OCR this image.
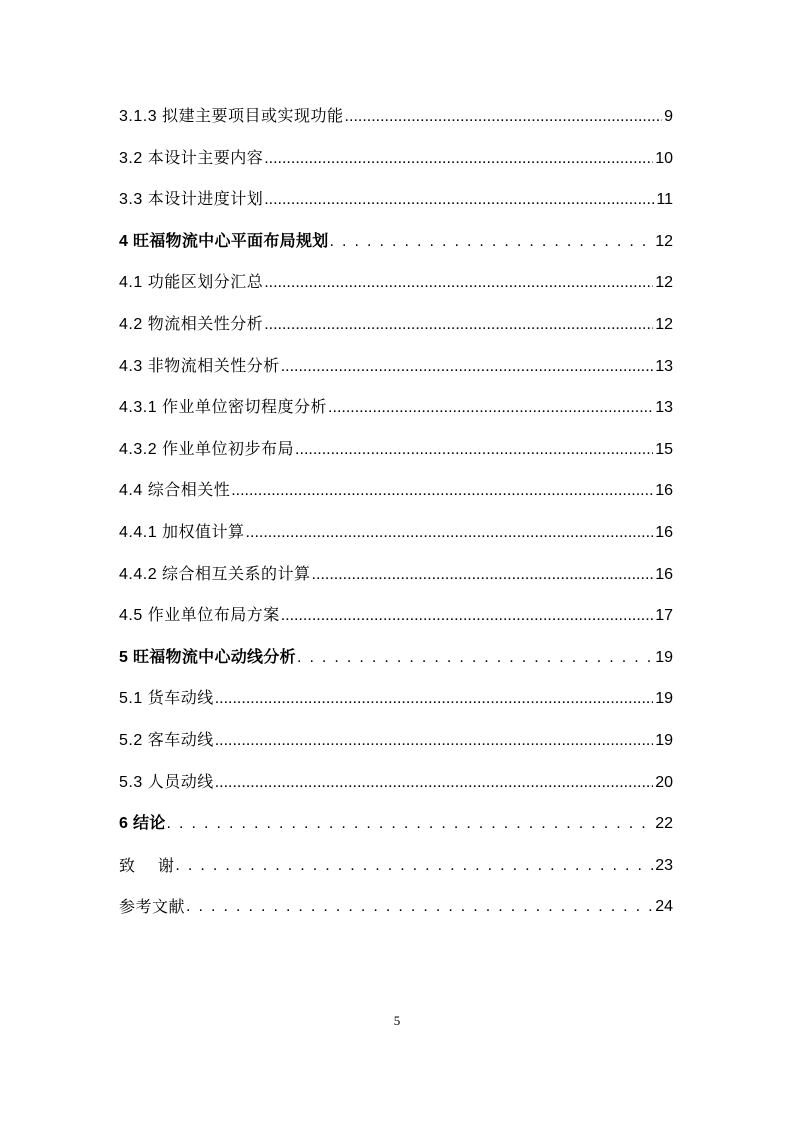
3.1.3 拟建主要项目或实现功能 .....	9
3.2 本设计主要内容 .....	10
3.3 本设计进度计划 .....	11
4 旺福物流中心平面布局规划 . . .	12
4.1 功能区划分汇总 .....	12
4.2 物流相关性分析 .....	12
4.3 非物流相关性分析 .....	13
4.3.1 作业单位密切程度分析 .....	13
4.3.2 作业单位初步布局 .....	15
4.4 综合相关性 .....	16
4.4.1 加权值计算 .....	16
4.4.2 综合相互关系的计算 .....	16
4.5 作业单位布局方案 .....	17
5 旺福物流中心动线分析 . . .	19
5.1 货车动线 .....	19
5.2 客车动线 .....	19
5.3 人员动线 .....	20
6 结论 . . .	22
致    谢 . . .	23
参考文献 . . .	24
5
